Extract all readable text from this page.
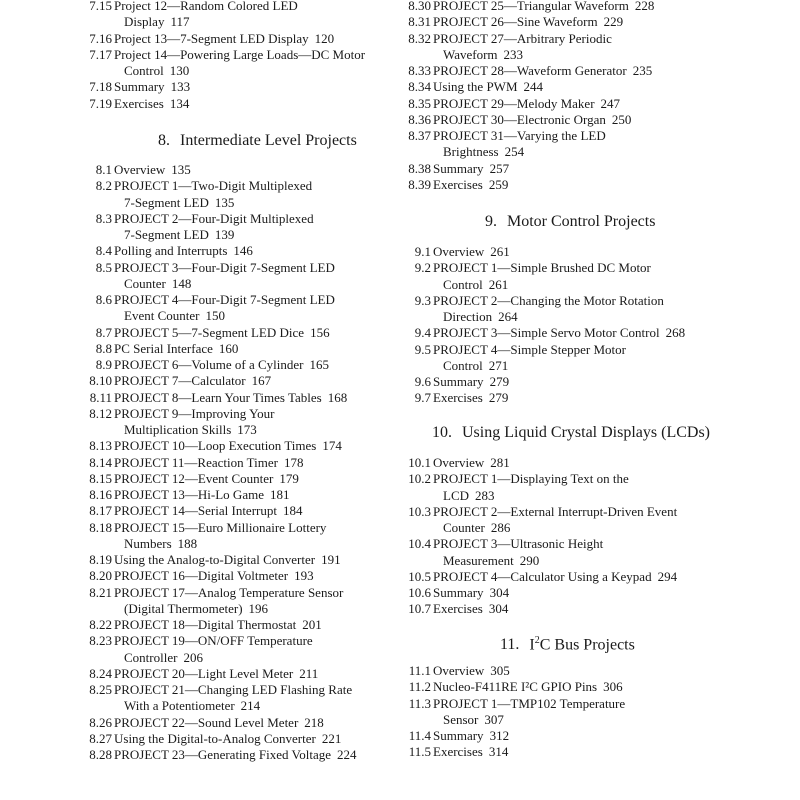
7.15 Project 12—Random Colored LED
Display 117
7.16 Project 13—7-Segment LED Display 120
7.17 Project 14—Powering Large Loads—DC Motor
Control 130
7.18 Summary 133
7.19 Exercises 134
8.1 Overview 135
8.2 PROJECT 1—Two-Digit Multiplexed
7-Segment LED 135
8.3 PROJECT 2—Four-Digit Multiplexed
7-Segment LED 139
8.4 Polling and Interrupts 146
8.5 PROJECT 3—Four-Digit 7-Segment LED
Counter 148
8.6 PROJECT 4—Four-Digit 7-Segment LED
Event Counter 150
8.7 PROJECT 5—7-Segment LED Dice 156
8.8 PC Serial Interface 160
8.9 PROJECT 6—Volume of a Cylinder 165
8.10 PROJECT 7—Calculator 167
8.11 PROJECT 8—Learn Your Times Tables 168
8.12 PROJECT 9—Improving Your
Multiplication Skills 173
8.13 PROJECT 10—Loop Execution Times 174
8.14 PROJECT 11—Reaction Timer 178
8.15 PROJECT 12—Event Counter 179
8.16 PROJECT 13—Hi-Lo Game 181
8.17 PROJECT 14—Serial Interrupt 184
8.18 PROJECT 15—Euro Millionaire Lottery
Numbers 188
8.19 Using the Analog-to-Digital Converter 191
8.20 PROJECT 16—Digital Voltmeter 193
8.21 PROJECT 17—Analog Temperature Sensor
(Digital Thermometer) 196
8.22 PROJECT 18—Digital Thermostat 201
8.23 PROJECT 19—ON/OFF Temperature
Controller 206
8.24 PROJECT 20—Light Level Meter 211
8.25 PROJECT 21—Changing LED Flashing Rate
With a Potentiometer 214
8.26 PROJECT 22—Sound Level Meter 218
8.27 Using the Digital-to-Analog Converter 221
8.28 PROJECT 23—Generating Fixed Voltage 224
8.30 PROJECT 25—Triangular Waveform 228
8.31 PROJECT 26—Sine Waveform 229
8.32 PROJECT 27—Arbitrary Periodic
Waveform 233
8.33 PROJECT 28—Waveform Generator 235
8.34 Using the PWM 244
8.35 PROJECT 29—Melody Maker 247
8.36 PROJECT 30—Electronic Organ 250
8.37 PROJECT 31—Varying the LED
Brightness 254
8.38 Summary 257
8.39 Exercises 259
9.1 Overview 261
9.2 PROJECT 1—Simple Brushed DC Motor
Control 261
9.3 PROJECT 2—Changing the Motor Rotation
Direction 264
9.4 PROJECT 3—Simple Servo Motor Control 268
9.5 PROJECT 4—Simple Stepper Motor
Control 271
9.6 Summary 279
9.7 Exercises 279
10.1 Overview 281
10.2 PROJECT 1—Displaying Text on the
LCD 283
10.3 PROJECT 2—External Interrupt-Driven Event
Counter 286
10.4 PROJECT 3—Ultrasonic Height
Measurement 290
10.5 PROJECT 4—Calculator Using a Keypad 294
10.6 Summary 304
10.7 Exercises 304
11.1 Overview 305
11.2 Nucleo-F411RE I²C GPIO Pins 306
11.3 PROJECT 1—TMP102 Temperature
Sensor 307
11.4 Summary 312
11.5 Exercises 314
8. Intermediate Level Projects
9. Motor Control Projects
10. Using Liquid Crystal Displays (LCDs)
11. $I^2C$ Bus Projects
